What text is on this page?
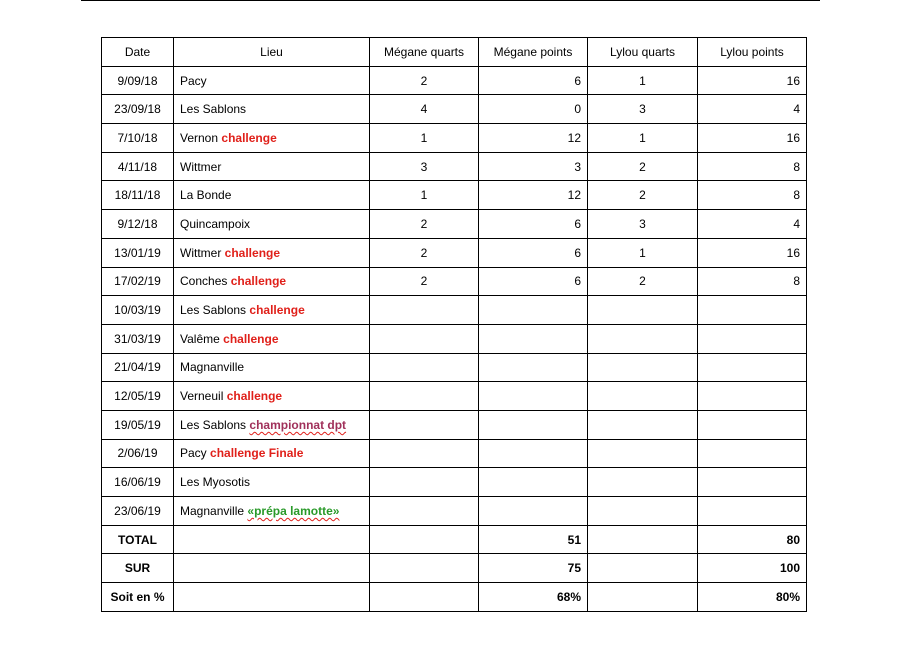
Date	Lieu	Mégane quarts	Mégane points	Lylou quarts	Lylou points
9/09/18	Pacy	2	6	1	16
23/09/18	Les Sablons	4	0	3	4
7/10/18	Vernon challenge	1	12	1	16
4/11/18	Wittmer	3	3	2	8
18/11/18	La Bonde	1	12	2	8
9/12/18	Quincampoix	2	6	3	4
13/01/19	Wittmer challenge	2	6	1	16
17/02/19	Conches challenge	2	6	2	8
10/03/19	Les Sablons challenge				
31/03/19	Valême challenge				
21/04/19	Magnanville				
12/05/19	Verneuil challenge				
19/05/19	Les Sablons championnat dpt				
2/06/19	Pacy challenge Finale				
16/06/19	Les Myosotis				
23/06/19	Magnanville «prépa lamotte»				
TOTAL			51		80
SUR			75		100
Soit en %			68%		80%
